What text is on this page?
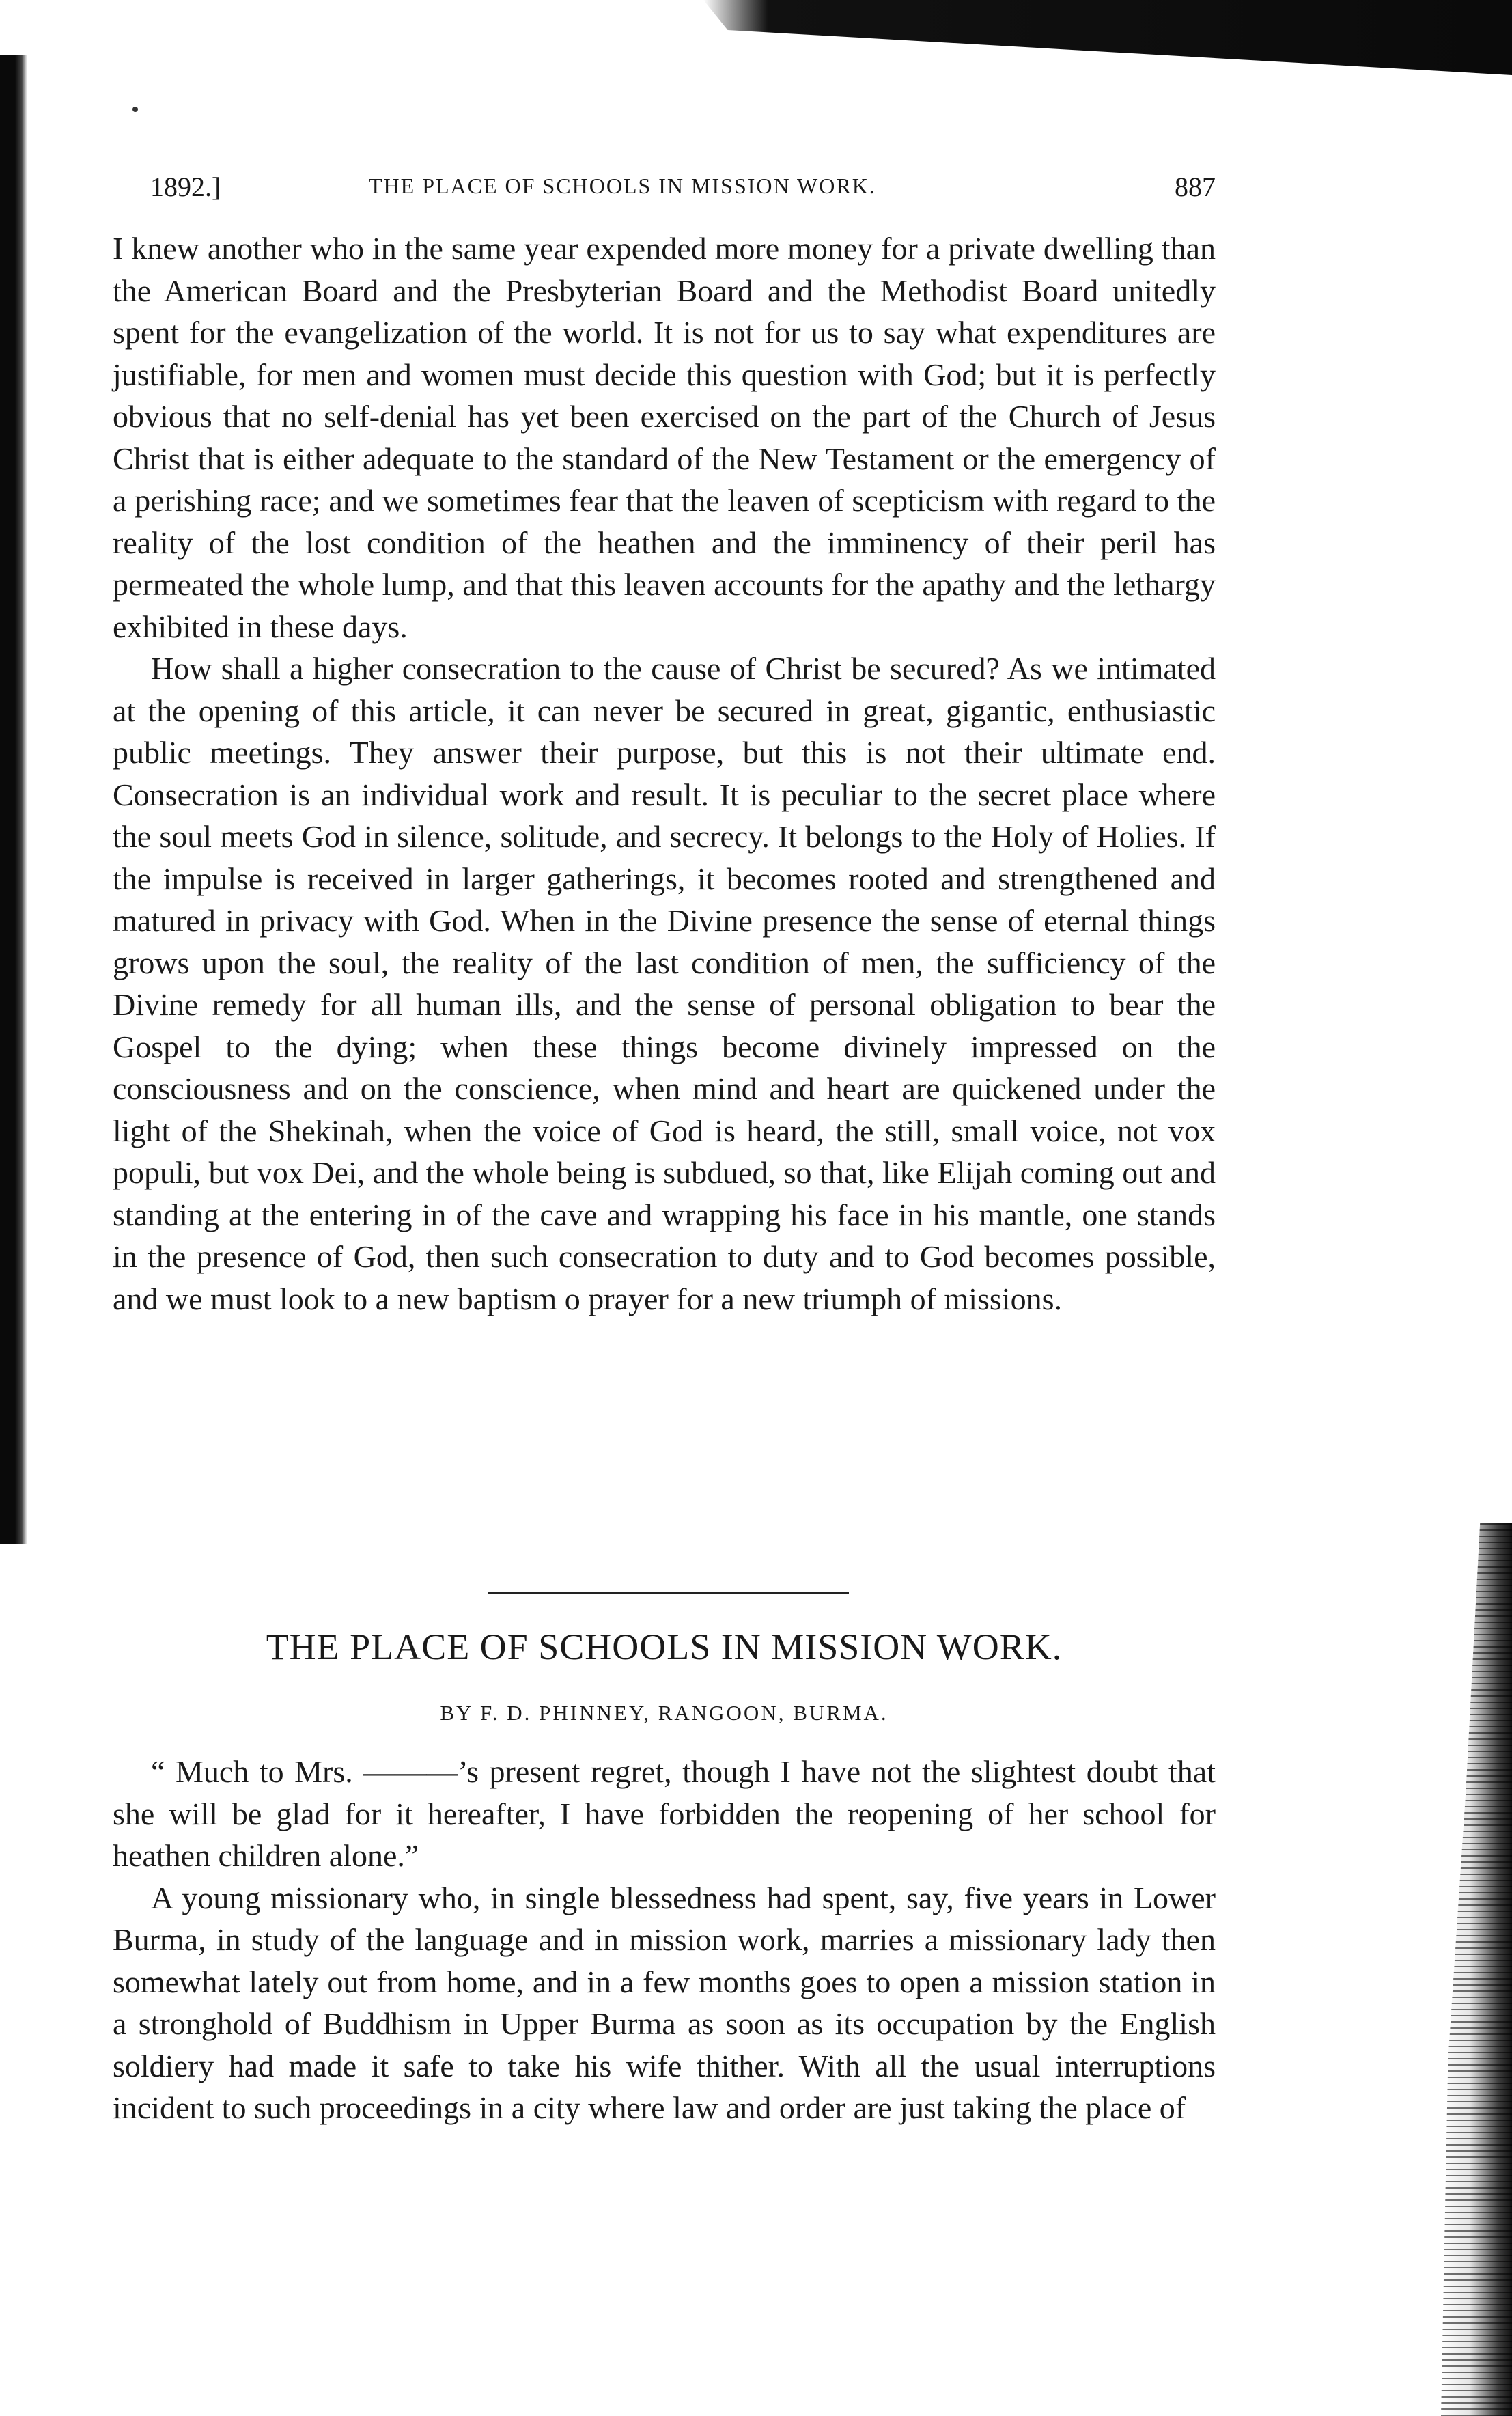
1892.]	THE PLACE OF SCHOOLS IN MISSION WORK.	887

I knew another who in the same year expended more money for a private dwelling than the American Board and the Presbyterian Board and the Methodist Board unitedly spent for the evangelization of the world. It is not for us to say what expenditures are justifiable, for men and women must decide this question with God; but it is perfectly obvious that no self-denial has yet been exercised on the part of the Church of Jesus Christ that is either adequate to the standard of the New Testament or the emergency of a perishing race; and we sometimes fear that the leaven of scepticism with regard to the reality of the lost condition of the heathen and the imminency of their peril has permeated the whole lump, and that this leaven accounts for the apathy and the lethargy exhibited in these days.

How shall a higher consecration to the cause of Christ be secured? As we intimated at the opening of this article, it can never be secured in great, gigantic, enthusiastic public meetings. They answer their purpose, but this is not their ultimate end. Consecration is an individual work and result. It is peculiar to the secret place where the soul meets God in silence, solitude, and secrecy. It belongs to the Holy of Holies. If the impulse is received in larger gatherings, it becomes rooted and strengthened and matured in privacy with God. When in the Divine presence the sense of eternal things grows upon the soul, the reality of the last condition of men, the sufficiency of the Divine remedy for all human ills, and the sense of personal obligation to bear the Gospel to the dying; when these things become divinely impressed on the consciousness and on the conscience, when mind and heart are quickened under the light of the Shekinah, when the voice of God is heard, the still, small voice, not vox populi, but vox Dei, and the whole being is subdued, so that, like Elijah coming out and standing at the entering in of the cave and wrapping his face in his mantle, one stands in the presence of God, then such consecration to duty and to God becomes possible, and we must look to a new baptism o prayer for a new triumph of missions.

THE PLACE OF SCHOOLS IN MISSION WORK.
BY F. D. PHINNEY, RANGOON, BURMA.

“ Much to Mrs. ———’s present regret, though I have not the slightest doubt that she will be glad for it hereafter, I have forbidden the reopening of her school for heathen children alone.”

A young missionary who, in single blessedness had spent, say, five years in Lower Burma, in study of the language and in mission work, marries a missionary lady then somewhat lately out from home, and in a few months goes to open a mission station in a stronghold of Buddhism in Upper Burma as soon as its occupation by the English soldiery had made it safe to take his wife thither. With all the usual interruptions incident to such proceedings in a city where law and order are just taking the place of
